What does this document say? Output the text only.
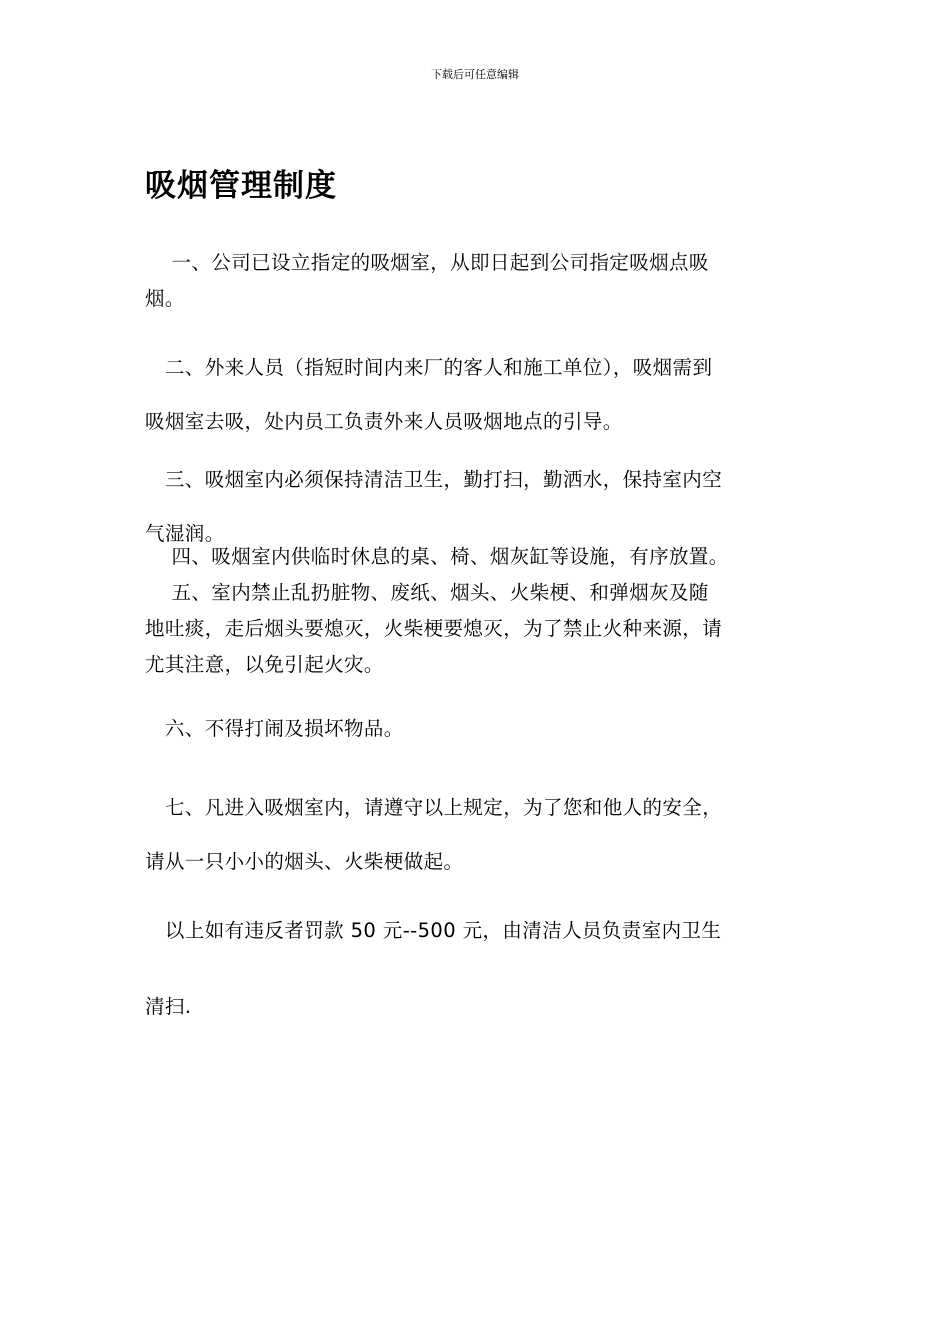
下载后可任意编辑
吸烟管理制度
　 一、公司已设立指定的吸烟室，从即日起到公司指定吸烟点吸
烟。
　二、外来人员（指短时间内来厂的客人和施工单位），吸烟需到
吸烟室去吸，处内员工负责外来人员吸烟地点的引导。
　三、吸烟室内必须保持清洁卫生，勤打扫，勤洒水，保持室内空
气湿润。
　 四、吸烟室内供临时休息的桌、椅、烟灰缸等设施，有序放置。
　 五、室内禁止乱扔脏物、废纸、烟头、火柴梗、和弹烟灰及随
地吐痰，走后烟头要熄灭，火柴梗要熄灭，为了禁止火种来源，请
尤其注意，以免引起火灾。
　六、不得打闹及损坏物品。
　七、凡进入吸烟室内，请遵守以上规定，为了您和他人的安全，
请从一只小小的烟头、火柴梗做起。
　以上如有违反者罚款 50 元--500 元，由清洁人员负责室内卫生
清扫.
